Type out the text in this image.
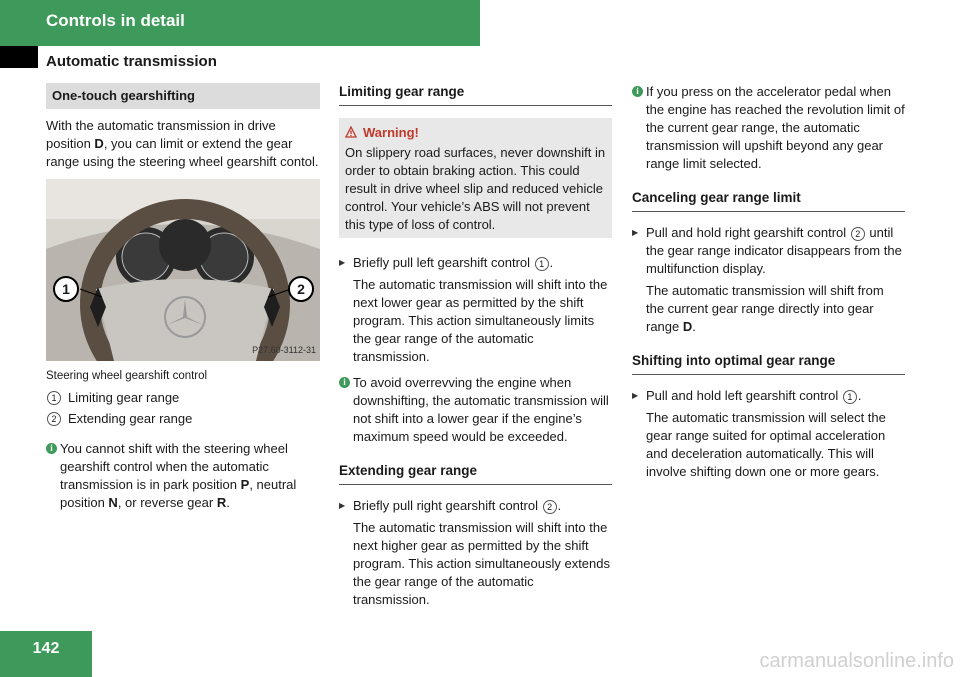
Controls in detail
Automatic transmission
One-touch gearshifting

With the automatic transmission in drive position D, you can limit or extend the gear range using the steering wheel gearshift contol.

1	2
P27.60-3112-31
Steering wheel gearshift control
1 Limiting gear range
2 Extending gear range
i You cannot shift with the steering wheel gearshift control when the automatic transmission is in park position P, neutral position N, or reverse gear R.
Limiting gear range
Warning!
On slippery road surfaces, never downshift in order to obtain braking action. This could result in drive wheel slip and reduced vehicle control. Your vehicle’s ABS will not prevent this type of loss of control.
▶ Briefly pull left gearshift control 1 .

The automatic transmission will shift into the next lower gear as permitted by the shift program. This action simultaneously limits the gear range of the automatic transmission.

i To avoid overrevving the engine when downshifting, the automatic transmission will not shift into a lower gear if the engine’s maximum speed would be exceeded.
Extending gear range
▶ Briefly pull right gearshift control 2 .

The automatic transmission will shift into the next higher gear as permitted by the shift program. This action simultaneously extends the gear range of the automatic transmission.

i If you press on the accelerator pedal when the engine has reached the revolution limit of the current gear range, the automatic transmission will upshift beyond any gear range limit selected.
Canceling gear range limit
▶ Pull and hold right gearshift control 2 until the gear range indicator disappears from the multifunction display.

The automatic transmission will shift from the current gear range directly into gear range D.

Shifting into optimal gear range
▶ Pull and hold left gearshift control 1 .

The automatic transmission will select the gear range suited for optimal acceleration and deceleration automatically. This will involve shifting down one or more gears.

142
carmanualsonline.info
